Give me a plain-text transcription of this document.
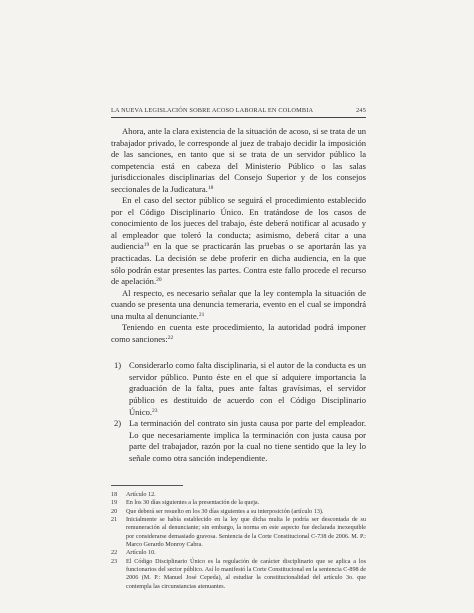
LA NUEVA LEGISLACIÓN SOBRE ACOSO LABORAL EN COLOMBIA	245

Ahora, ante la clara existencia de la situación de acoso, si se trata de un trabajador privado, le corresponde al juez de trabajo decidir la imposición de las sanciones, en tanto que si se trata de un servidor público la competencia está en cabeza del Ministerio Público o las salas jurisdiccionales disciplinarias del Consejo Superior y de los consejos seccionales de la Judicatura.$^{18}$

En el caso del sector público se seguirá el procedimiento establecido por el Código Disciplinario Único. En tratándose de los casos de conocimiento de los jueces del trabajo, éste deberá notificar al acusado y al empleador que toleró la conducta; asimismo, deberá citar a una audiencia$^{19}$ en la que se practicarán las pruebas o se aportarán las ya practicadas. La decisión se debe proferir en dicha audiencia, en la que sólo podrán estar presentes las partes. Contra este fallo procede el recurso de apelación.$^{20}$

Al respecto, es necesario señalar que la ley contempla la situación de cuando se presenta una denuncia temeraria, evento en el cual se impondrá una multa al denunciante.$^{21}$

Teniendo en cuenta este procedimiento, la autoridad podrá imponer como sanciones:$^{22}$

1) Considerarlo como falta disciplinaria, si el autor de la conducta es un servidor público. Punto éste en el que sí adquiere importancia la graduación de la falta, pues ante faltas gravísimas, el servidor público es destituido de acuerdo con el Código Disciplinario Único.$^{23}$
2) La terminación del contrato sin justa causa por parte del empleador. Lo que necesariamente implica la terminación con justa causa por parte del trabajador, razón por la cual no tiene sentido que la ley lo señale como otra sanción independiente.
18 Artículo 12.
19 En los 30 días siguientes a la presentación de la queja.
20 Que deberá ser resuelto en los 30 días siguientes a su interposición (artículo 13).
21 Inicialmente se había establecido en la ley que dicha multa le podría ser descontada de su remuneración al denunciante; sin embargo, la norma en este aspecto fue declarada inexequible por considerarse demasiado gravosa. Sentencia de la Corte Constitucional C-738 de 2006. M. P.: Marco Gerardo Monroy Cabra.
22 Artículo 10.
23 El Código Disciplinario Único es la regulación de carácter disciplinario que se aplica a los funcionarios del sector público. Así lo manifestó la Corte Constitucional en la sentencia C-898 de 2006 (M. P.: Manuel José Cepeda), al estudiar la constitucionalidad del artículo 3o. que contempla las circunstancias atenuantes.
